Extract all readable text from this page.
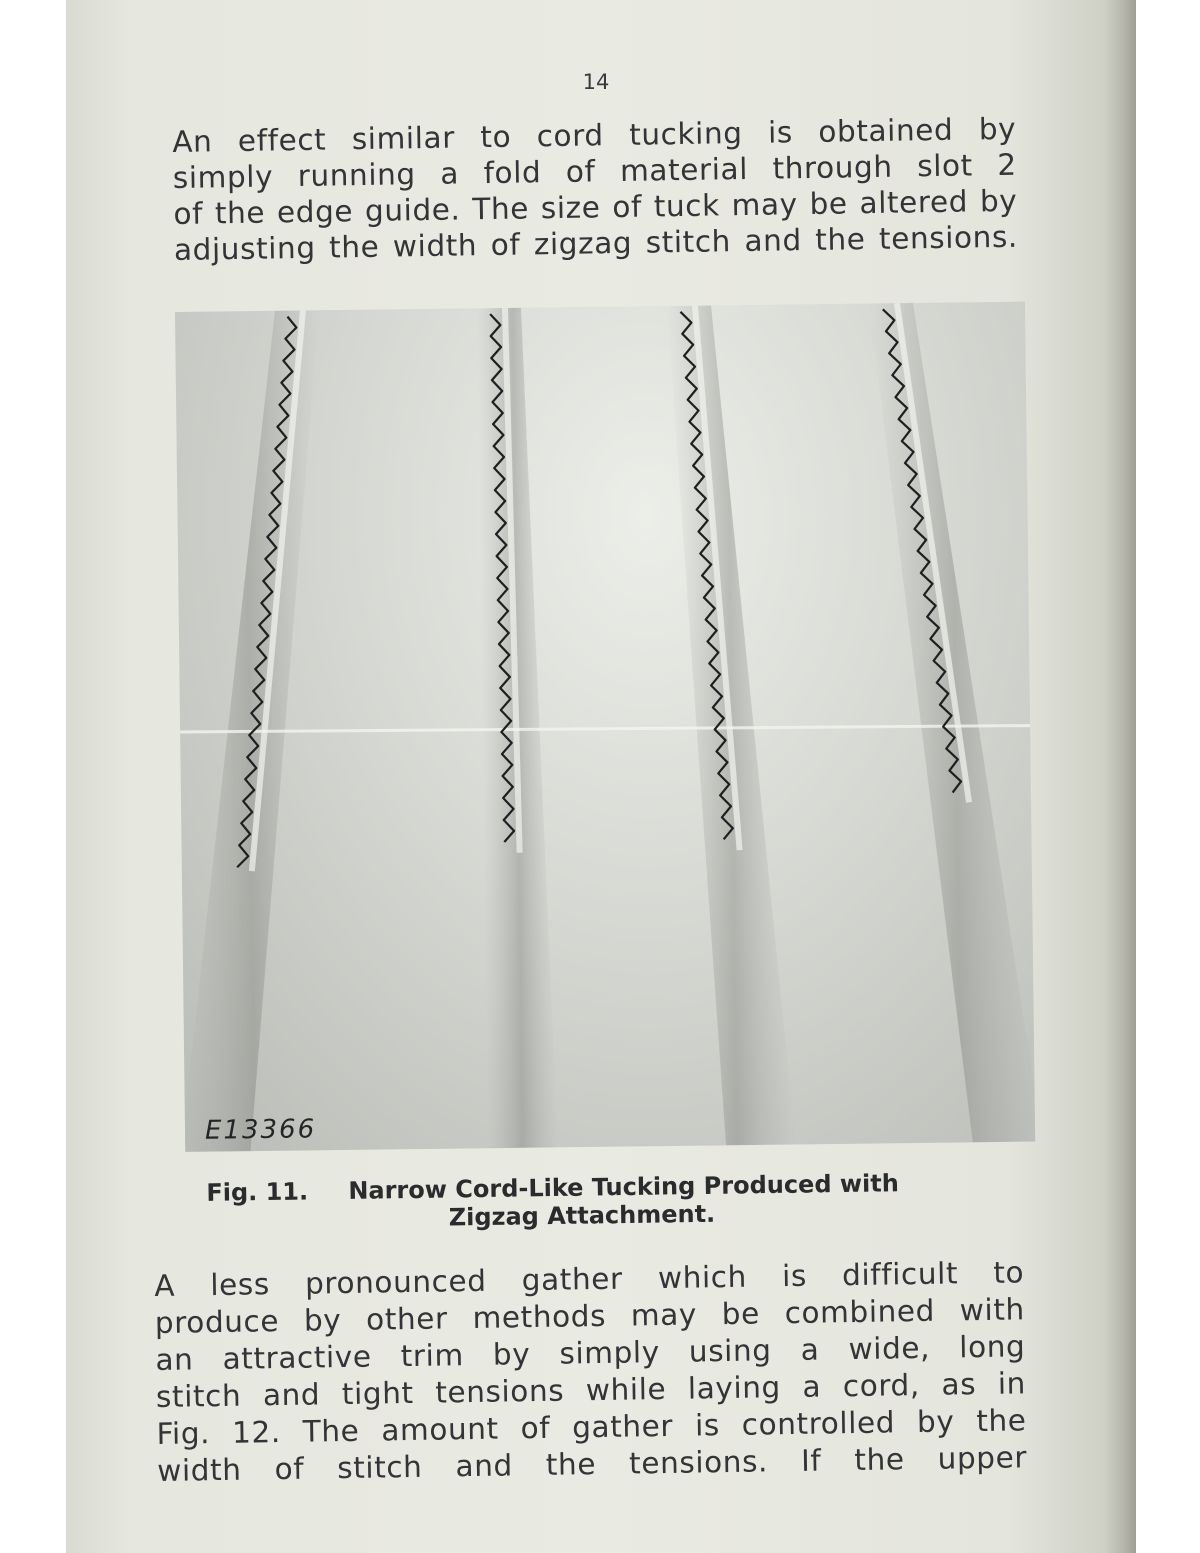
14
An effect similar to cord tucking is obtained by
simply running a fold of material through slot 2
of the edge guide. The size of tuck may be altered by
adjusting the width of zigzag stitch and the tensions.
E13366
Fig. 11. Narrow Cord-Like Tucking Produced with
Zigzag Attachment.
A less pronounced gather which is difficult to
produce by other methods may be combined with
an attractive trim by simply using a wide, long
stitch and tight tensions while laying a cord, as in
Fig. 12. The amount of gather is controlled by the
width of stitch and the tensions. If the upper
